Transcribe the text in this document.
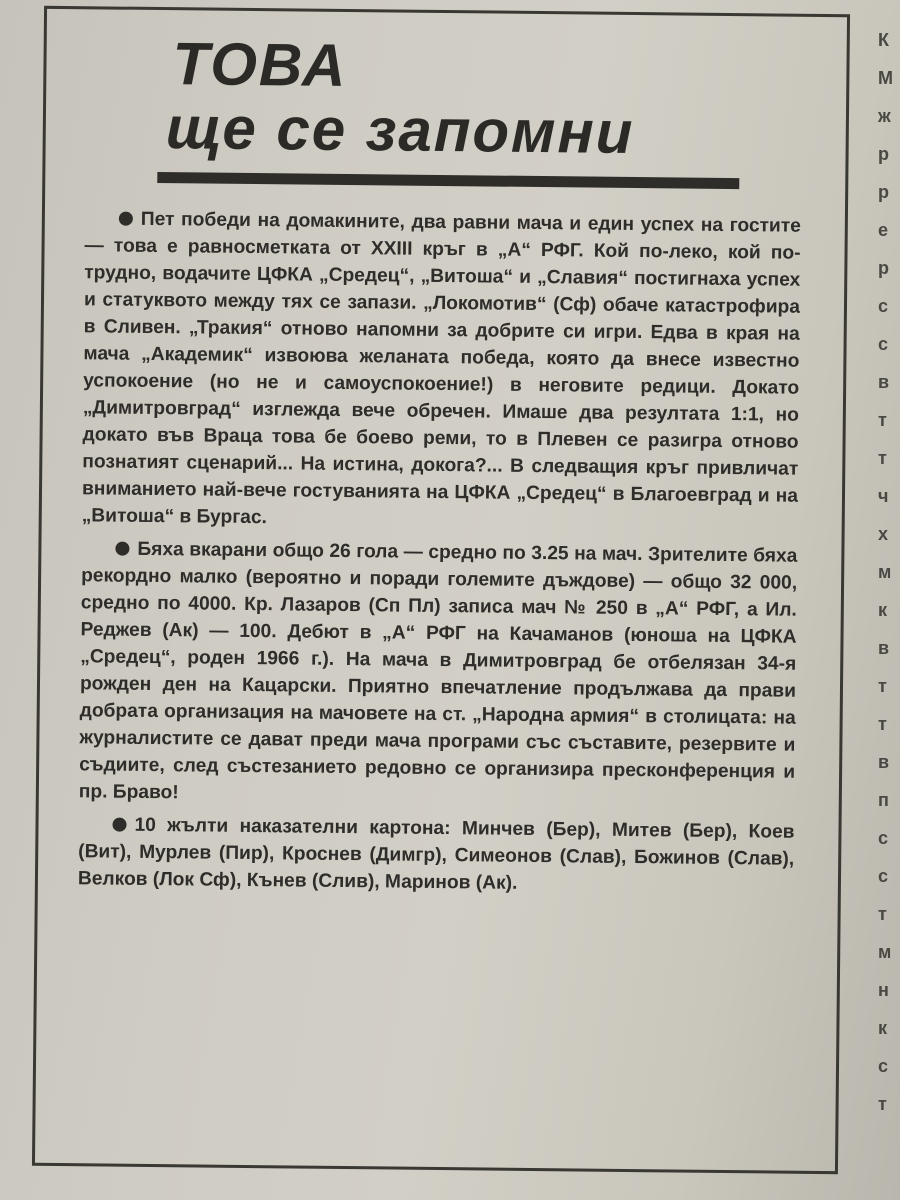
ТОВА
ще се запомни

Пет победи на домакините, два равни мача и един успех на гостите — това е равносметката от XXIII кръг в „А“ РФГ. Кой по-леко, кой по-трудно, водачите ЦФКА „Средец“, „Витоша“ и „Славия“ постигнаха успех и статуквото между тях се запази. „Локомотив“ (Сф) обаче катастрофира в Сливен. „Тракия“ отново напомни за добрите си игри. Едва в края на мача „Академик“ извоюва желаната победа, която да внесе известно успокоение (но не и самоуспокоение!) в неговите редици. Докато „Димитровград“ изглежда вече обречен. Имаше два резултата 1:1, но докато във Враца това бе боево реми, то в Плевен се разигра отново познатият сценарий... На истина, докога?... В следващия кръг привличат вниманието най-вече гостуванията на ЦФКА „Средец“ в Благоевград и на „Витоша“ в Бургас.

Бяха вкарани общо 26 гола — средно по 3.25 на мач. Зрителите бяха рекордно малко (вероятно и поради големите дъждове) — общо 32 000, средно по 4000. Кр. Лазаров (Сп Пл) записа мач № 250 в „А“ РФГ, а Ил. Реджев (Ак) — 100. Дебют в „А“ РФГ на Качаманов (юноша на ЦФКА „Средец“, роден 1966 г.). На мача в Димитровград бе отбелязан 34-я рожден ден на Кацарски. Приятно впечатление продължава да прави добрата организация на мачовете на ст. „Народна армия“ в столицата: на журналистите се дават преди мача програми със съставите, резервите и съдиите, след състезанието редовно се организира пресконференция и пр. Браво!

10 жълти наказателни картона: Минчев (Бер), Митев (Бер), Коев (Вит), Мурлев (Пир), Кроснев (Димгр), Симеонов (Слав), Божинов (Слав), Велков (Лок Сф), Кънев (Слив), Маринов (Ак).

К
М
ж
р
р
е
р
с
с
в
т
т
ч
х
м
к
в
т
т
в
п
с
с
т
м
н
к
с
т
